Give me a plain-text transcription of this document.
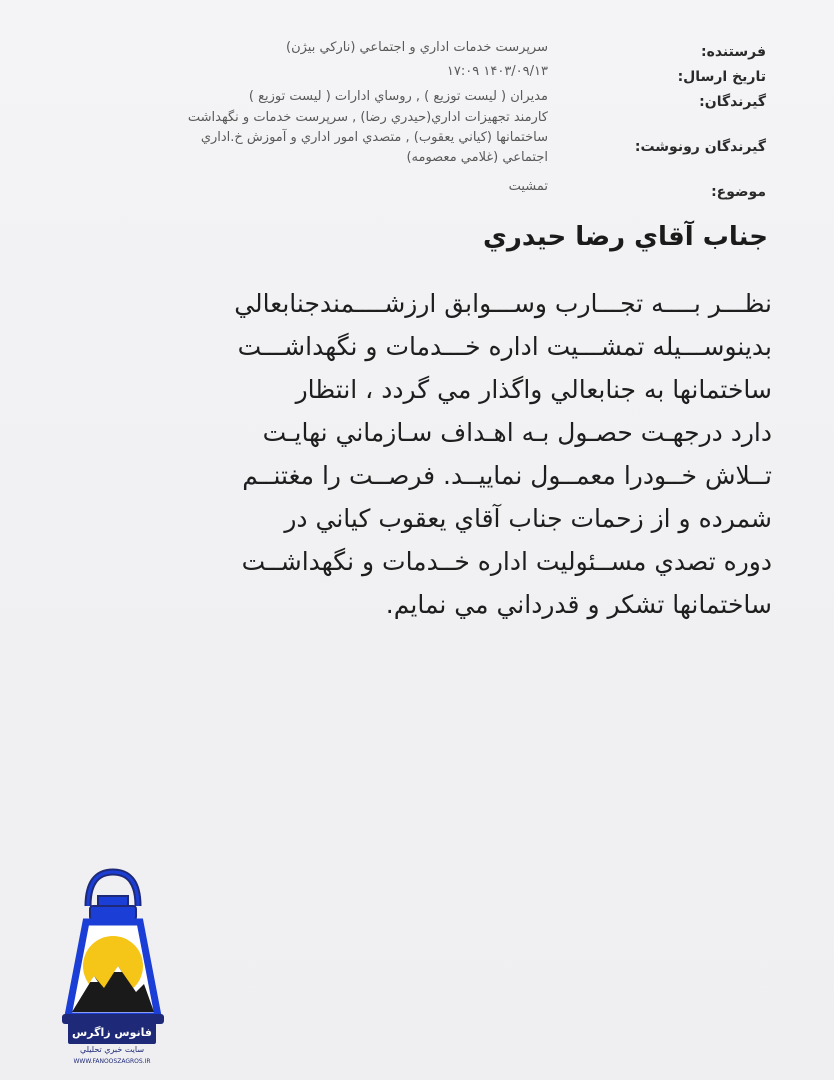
فرستنده:
سرپرست خدمات اداري و اجتماعي (نارکي بيژن)
تاريخ ارسال:
۱۴۰۳/۰۹/۱۳ ۱۷:۰۹
گيرندگان:
مديران ( ليست توزيع ) , روساي ادارات ( ليست توزيع )
گيرندگان رونوشت:
کارمند تجهيزات اداري(حيدري رضا) , سرپرست خدمات و نگهداشت
ساختمانها (کياني يعقوب) , متصدي امور اداري و آموزش خ.اداري
اجتماعي (غلامي معصومه)
موضوع:
تمشيت
جناب آقاي رضا حيدري
نظـــر بــــه تجـــارب وســـوابق ارزشــــمندجنابعالي
بدينوســـيله تمشـــيت اداره خـــدمات و نگهداشـــت
ساختمانها به جنابعالي واگذار مي گردد ، انتظار
دارد درجهـت حصـول بـه اهـداف سـازماني نهايـت
تــلاش خــودرا معمــول نماييــد. فرصــت را مغتنــم
شمرده و از زحمات جناب آقاي يعقوب کياني در
دوره تصدي مســئوليت اداره خــدمات و نگهداشــت
ساختمانها تشکر و قدرداني مي نمايم.
فانوس زاگرس
سايت خبري تحليلي
WWW.FANOOSZAGROS.IR
